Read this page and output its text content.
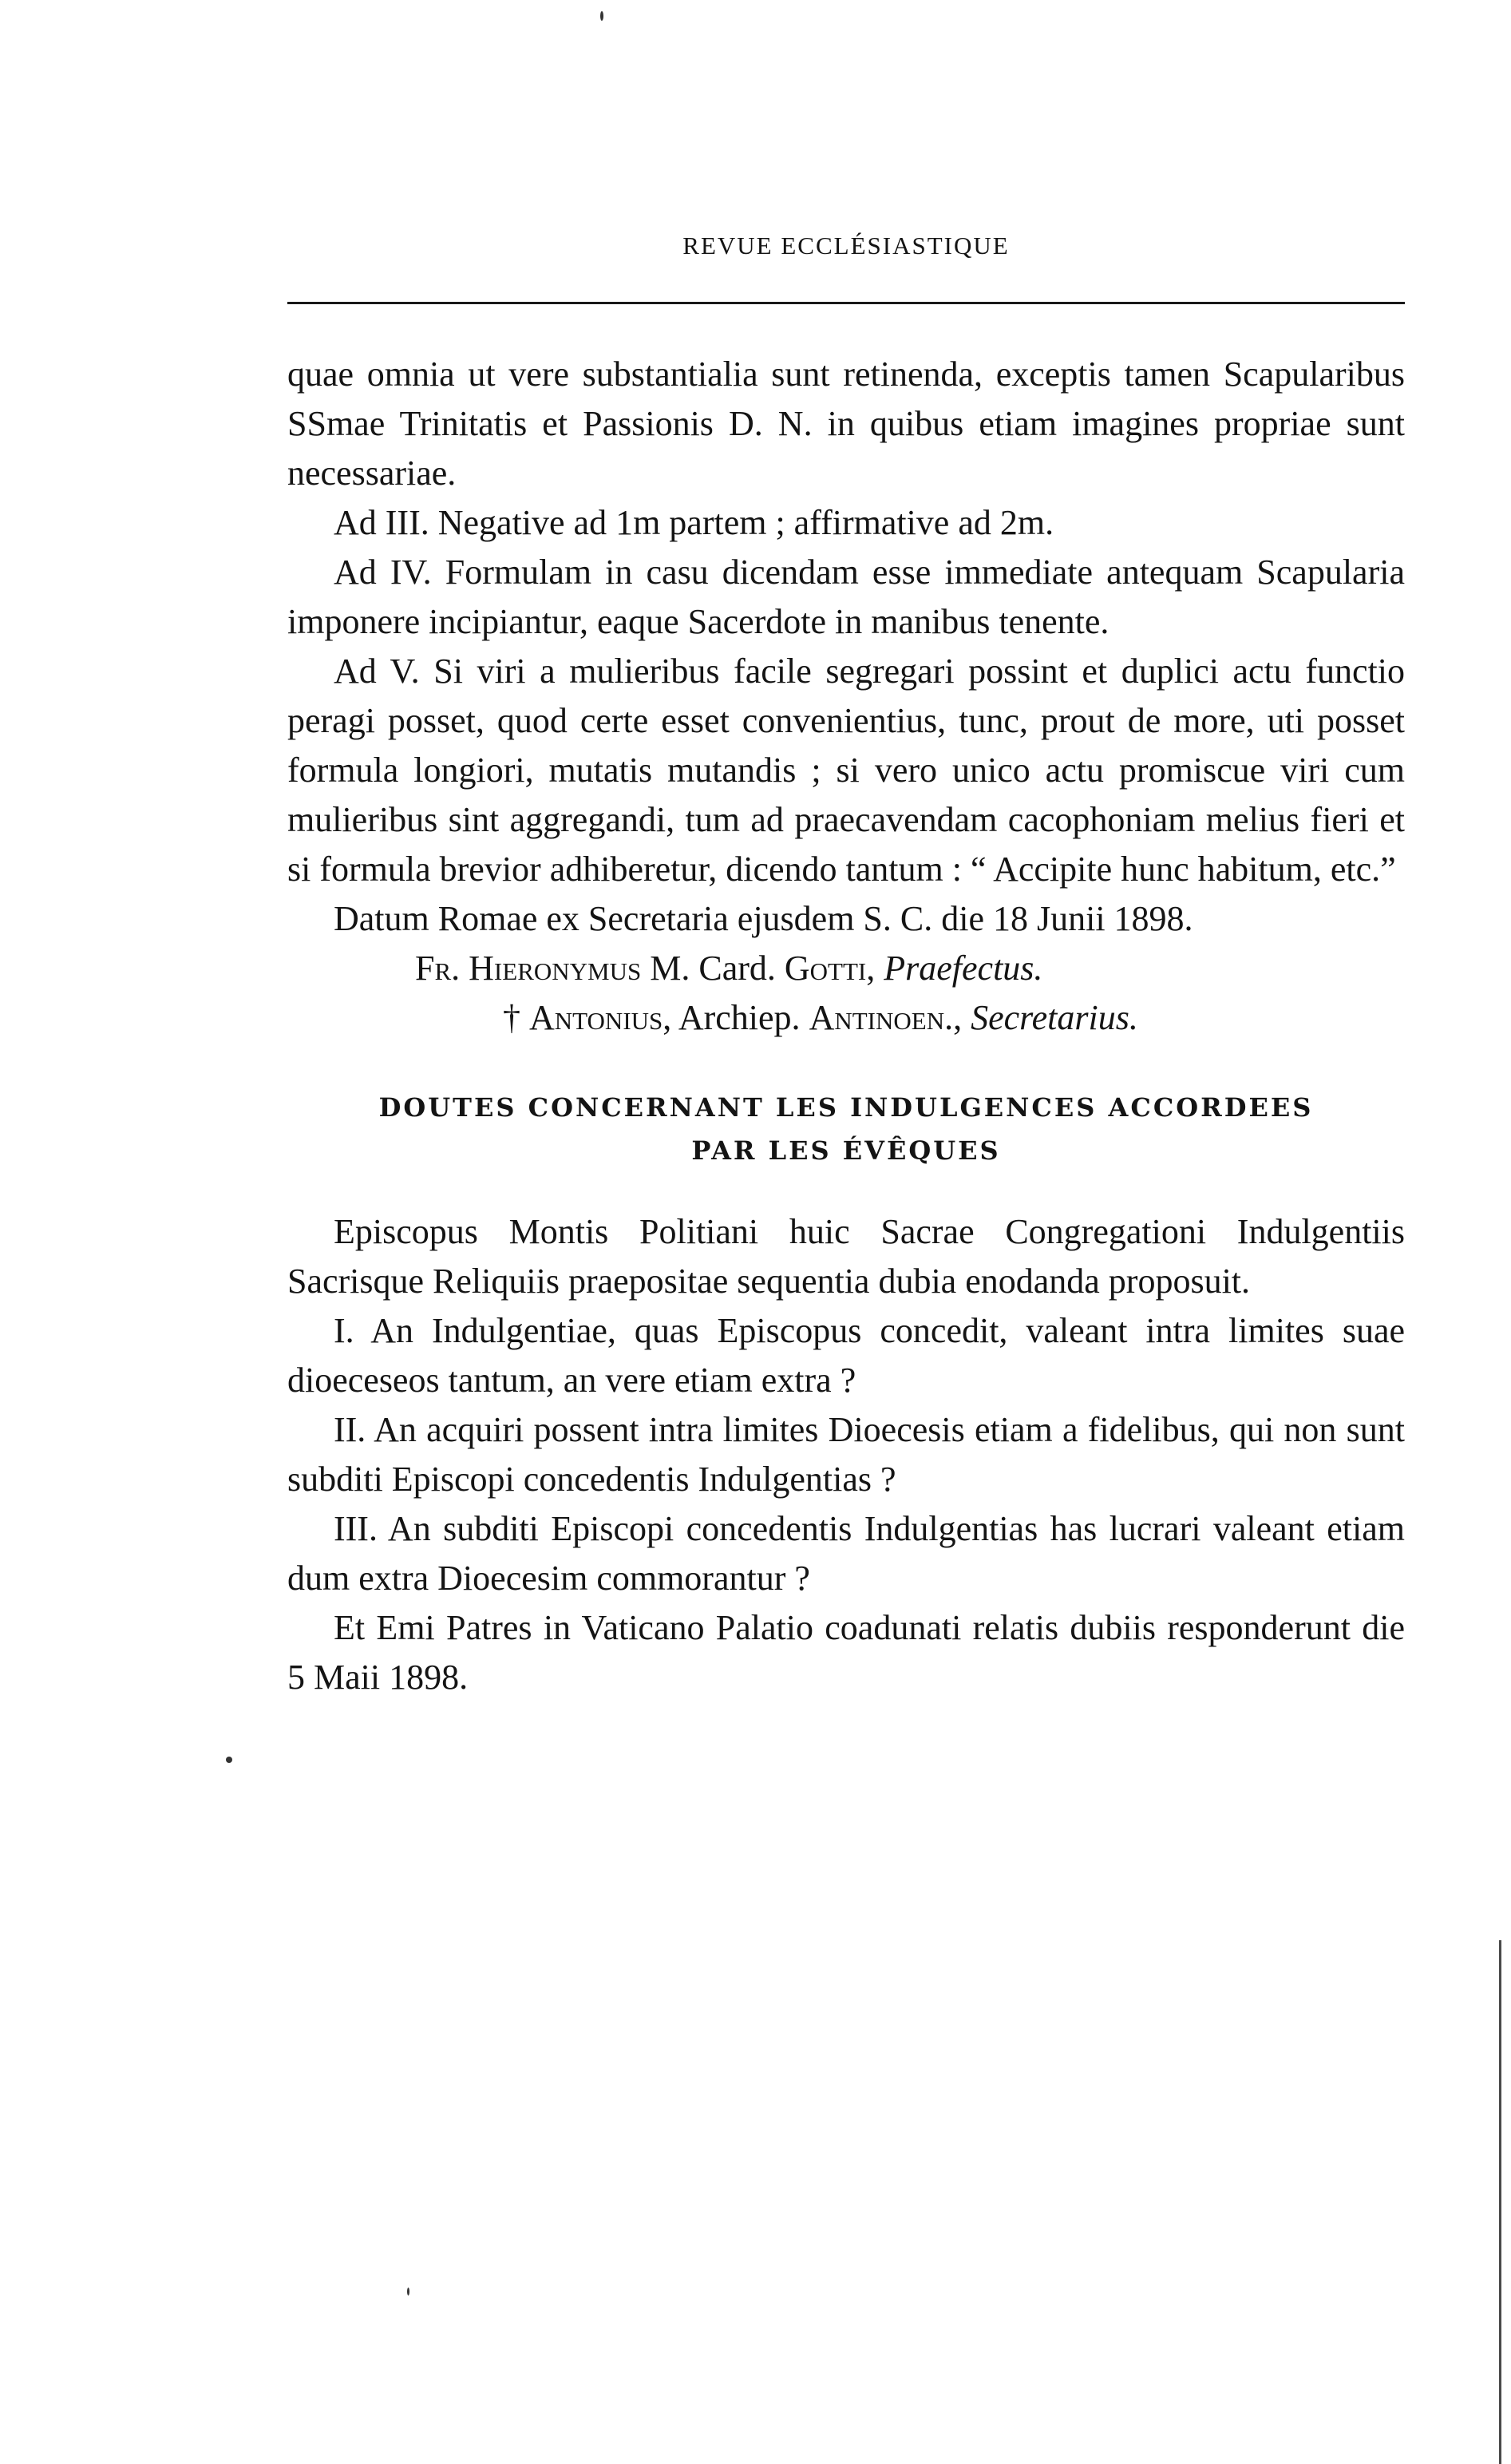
REVUE ECCLÉSIASTIQUE

quae omnia ut vere substantialia sunt retinenda, exceptis tamen Scapularibus SSmae Trinitatis et Passionis D. N. in quibus etiam imagines propriae sunt necessariae.

Ad III. Negative ad 1m partem ; affirmative ad 2m.

Ad IV. Formulam in casu dicendam esse immediate antequam Scapularia imponere incipiantur, eaque Sacerdote in manibus tenente.

Ad V. Si viri a mulieribus facile segregari possint et duplici actu functio peragi posset, quod certe esset convenientius, tunc, prout de more, uti posset formula longiori, mutatis mutandis ; si vero unico actu promiscue viri cum mulieribus sint aggregandi, tum ad praecavendam cacophoniam melius fieri et si formula brevior adhiberetur, dicendo tantum : “ Accipite hunc habitum, etc.”

Datum Romae ex Secretaria ejusdem S. C. die 18 Junii 1898.

Fr. Hieronymus M. Card. Gotti, Praefectus.

† Antonius, Archiep. Antinoen., Secretarius.

DOUTES CONCERNANT LES INDULGENCES ACCORDEES

PAR LES ÉVÊQUES

Episcopus Montis Politiani huic Sacrae Congregationi Indulgentiis Sacrisque Reliquiis praepositae sequentia dubia enodanda proposuit.

I. An Indulgentiae, quas Episcopus concedit, valeant intra limites suae dioeceseos tantum, an vere etiam extra ?

II. An acquiri possent intra limites Dioecesis etiam a fidelibus, qui non sunt subditi Episcopi concedentis Indulgentias ?

III. An subditi Episcopi concedentis Indulgentias has lucrari valeant etiam dum extra Dioecesim commorantur ?

Et Emi Patres in Vaticano Palatio coadunati relatis dubiis responderunt die 5 Maii 1898.
